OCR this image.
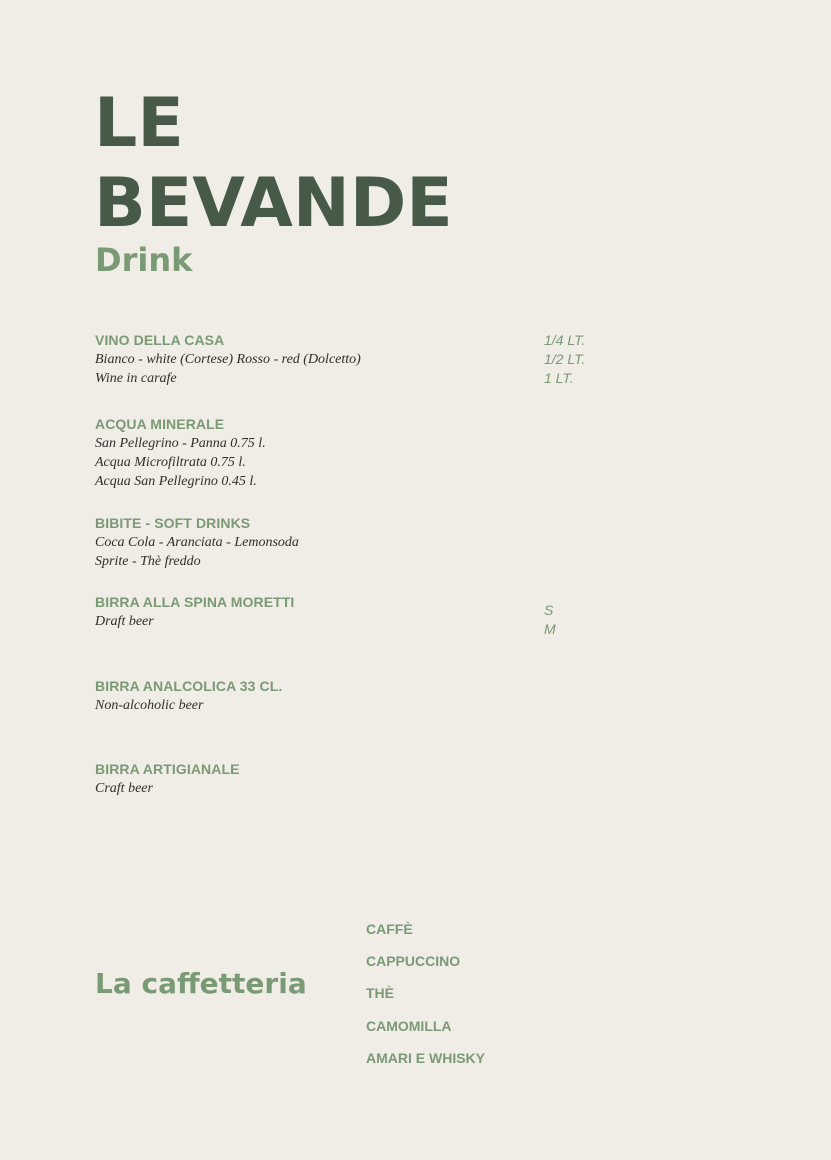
LE
BEVANDE
Drink
VINO DELLA CASA
Bianco - white (Cortese) Rosso - red (Dolcetto)
Wine in carafe
1/4 LT.
1/2 LT.
1 LT.
ACQUA MINERALE
San Pellegrino - Panna 0.75 l.
Acqua Microfiltrata 0.75 l.
Acqua San Pellegrino 0.45 l.
BIBITE - SOFT DRINKS
Coca Cola - Aranciata - Lemonsoda
Sprite - Thè freddo
BIRRA ALLA SPINA MORETTI
Draft beer
S
M
BIRRA ANALCOLICA 33 CL.
Non-alcoholic beer
BIRRA ARTIGIANALE
Craft beer
La caffetteria
CAFFÈ
CAPPUCCINO
THÈ
CAMOMILLA
AMARI E WHISKY
